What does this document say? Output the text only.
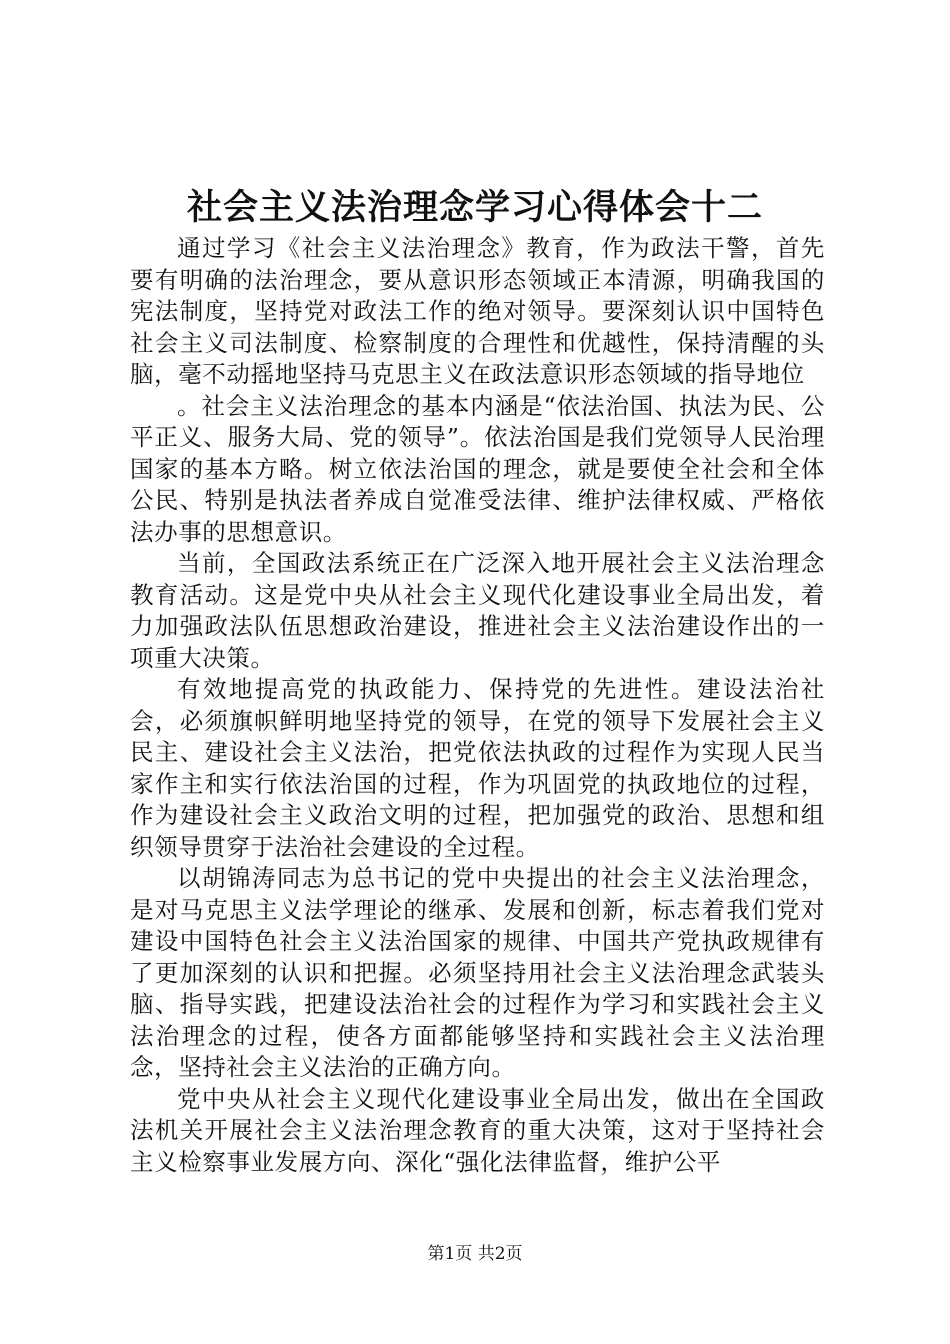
社会主义法治理念学习心得体会十二

通过学习《社会主义法治理念》教育，作为政法干警，首先要有明确的法治理念，要从意识形态领域正本清源，明确我国的宪法制度，坚持党对政法工作的绝对领导。要深刻认识中国特色社会主义司法制度、检察制度的合理性和优越性，保持清醒的头脑，毫不动摇地坚持马克思主义在政法意识形态领域的指导地位

。社会主义法治理念的基本内涵是“依法治国、执法为民、公平正义、服务大局、党的领导”。依法治国是我们党领导人民治理国家的基本方略。树立依法治国的理念，就是要使全社会和全体公民、特别是执法者养成自觉准受法律、维护法律权威、严格依法办事的思想意识。

当前，全国政法系统正在广泛深入地开展社会主义法治理念教育活动。这是党中央从社会主义现代化建设事业全局出发，着力加强政法队伍思想政治建设，推进社会主义法治建设作出的一项重大决策。

有效地提高党的执政能力、保持党的先进性。建设法治社会，必须旗帜鲜明地坚持党的领导，在党的领导下发展社会主义民主、建设社会主义法治，把党依法执政的过程作为实现人民当家作主和实行依法治国的过程，作为巩固党的执政地位的过程，作为建设社会主义政治文明的过程，把加强党的政治、思想和组织领导贯穿于法治社会建设的全过程。

以胡锦涛同志为总书记的党中央提出的社会主义法治理念，是对马克思主义法学理论的继承、发展和创新，标志着我们党对建设中国特色社会主义法治国家的规律、中国共产党执政规律有了更加深刻的认识和把握。必须坚持用社会主义法治理念武装头脑、指导实践，把建设法治社会的过程作为学习和实践社会主义法治理念的过程，使各方面都能够坚持和实践社会主义法治理念，坚持社会主义法治的正确方向。

党中央从社会主义现代化建设事业全局出发，做出在全国政法机关开展社会主义法治理念教育的重大决策，这对于坚持社会主义检察事业发展方向、深化“强化法律监督，维护公平

第1页 共2页
